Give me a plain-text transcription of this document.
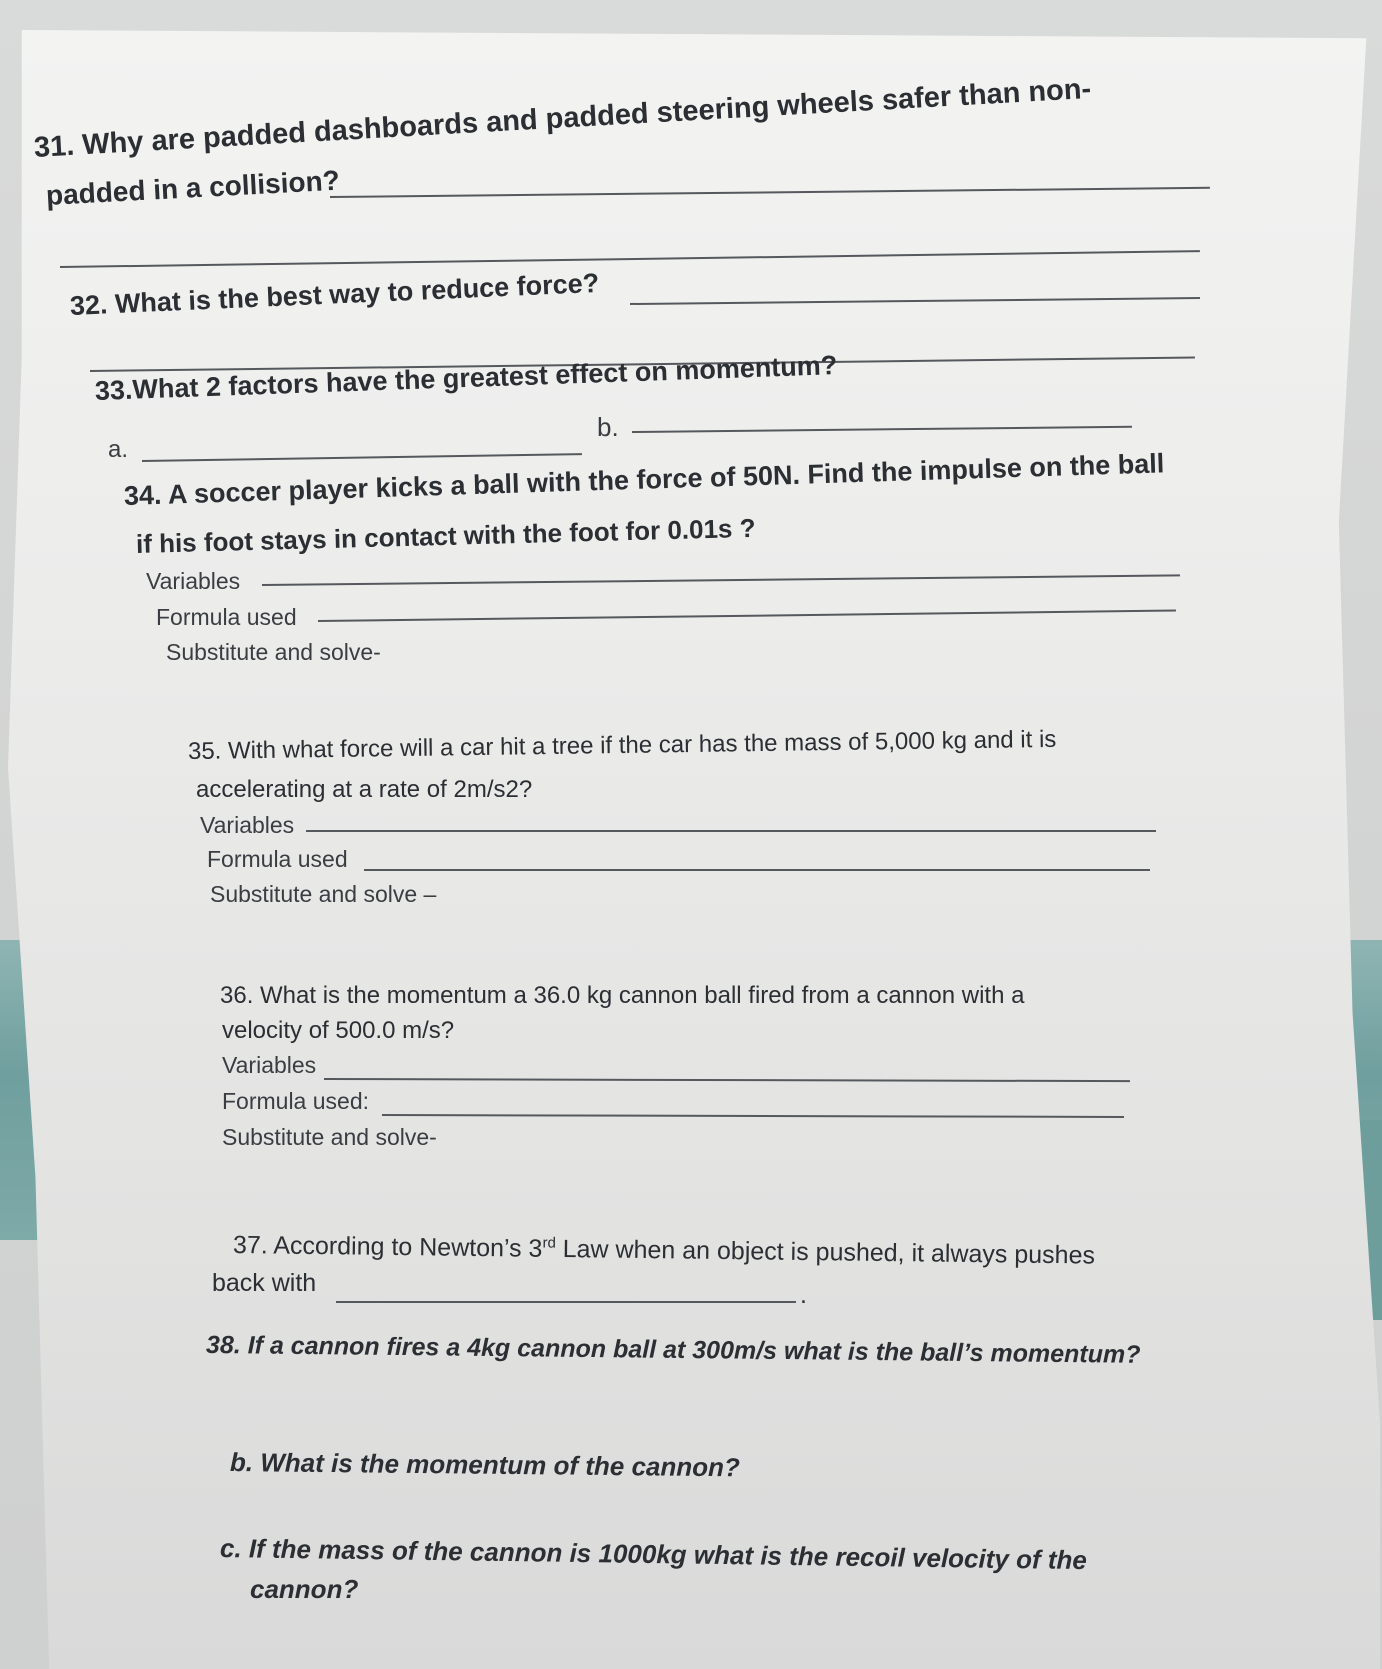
31. Why are padded dashboards and padded steering wheels safer than non-
padded in a collision?
32. What is the best way to reduce force?
33.What 2 factors have the greatest effect on momentum?
a.
b.
34. A soccer player kicks a ball with the force of 50N. Find the impulse on the ball
if his foot stays in contact with the foot for 0.01s ?
Variables
Formula used
Substitute and solve-
35. With what force will a car hit a tree if the car has the mass of 5,000 kg and it is
accelerating at a rate of 2m/s2?
Variables
Formula used
Substitute and solve –
36. What is the momentum a 36.0 kg cannon ball fired from a cannon with a
velocity of 500.0 m/s?
Variables
Formula used:
Substitute and solve-
37. According to Newton’s 3rd Law when an object is pushed, it always pushes
back with	.
38. If a cannon fires a 4kg cannon ball at 300m/s what is the ball’s momentum?
b. What is the momentum of the cannon?
c. If the mass of the cannon is 1000kg what is the recoil velocity of the
cannon?
